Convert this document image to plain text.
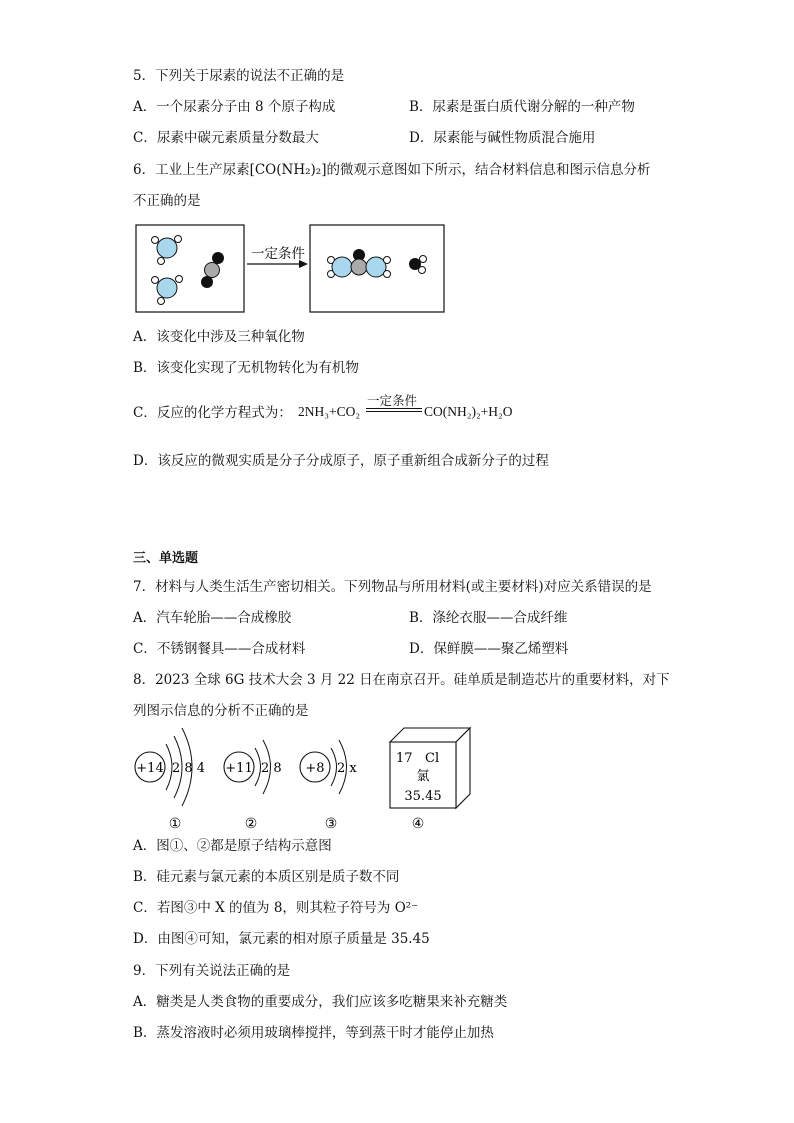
5．下列关于尿素的说法不正确的是
A．一个尿素分子由 8 个原子构成	B．尿素是蛋白质代谢分解的一种产物
C．尿素中碳元素质量分数最大	D．尿素能与碱性物质混合施用
6．工业上生产尿素[CO(NH₂)₂]的微观示意图如下所示，结合材料信息和图示信息分析
不正确的是
一定条件
A．该变化中涉及三种氧化物
B．该变化实现了无机物转化为有机物
C．反应的化学方程式为： 2NH₃+CO₂
一定条件
CO(NH₂)₂+H₂O
D．该反应的微观实质是分子分成原子，原子重新组合成新分子的过程
三、单选题
7．材料与人类生活生产密切相关。下列物品与所用材料(或主要材料)对应关系错误的是
A．汽车轮胎——合成橡胶	B．涤纶衣服——合成纤维
C．不锈钢餐具——合成材料	D．保鲜膜——聚乙烯塑料
8．2023 全球 6G 技术大会 3 月 22 日在南京召开。硅单质是制造芯片的重要材料，对下
列图示信息的分析不正确的是
+14 2 8 4
①
+11 2 8
②
+8 2 x
③
17 Cl
氯
35.45
④
A．图①、②都是原子结构示意图
B．硅元素与氯元素的本质区别是质子数不同
C．若图③中 X 的值为 8，则其粒子符号为 O²⁻
D．由图④可知，氯元素的相对原子质量是 35.45
9．下列有关说法正确的是
A．糖类是人类食物的重要成分，我们应该多吃糖果来补充糖类
B．蒸发溶液时必须用玻璃棒搅拌，等到蒸干时才能停止加热
